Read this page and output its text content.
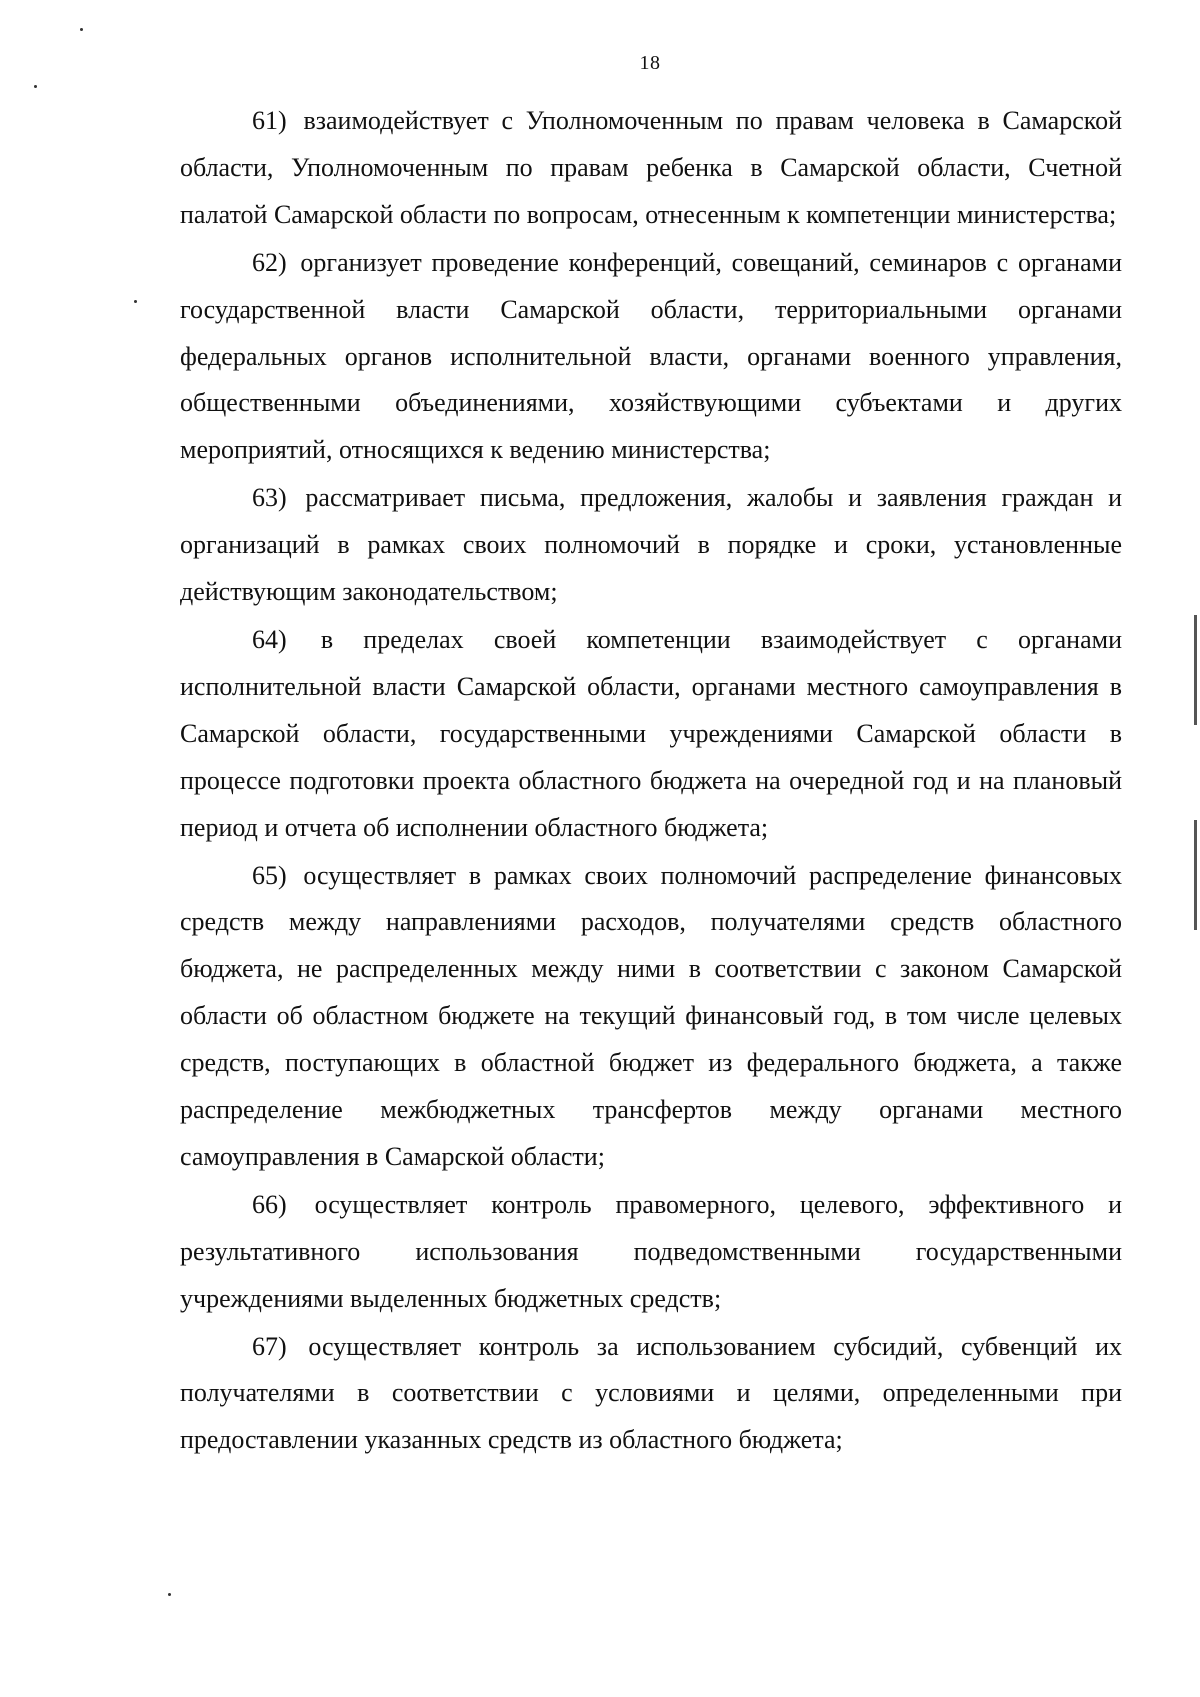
18

61) взаимодействует с Уполномоченным по правам человека в Самарской области, Уполномоченным по правам ребенка в Самарской области, Счетной палатой Самарской области по вопросам, отнесенным к компетенции министерства;

62) организует проведение конференций, совещаний, семинаров с органами государственной власти Самарской области, территориальными органами федеральных органов исполнительной власти, органами военного управления, общественными объединениями, хозяйствующими субъектами и других мероприятий, относящихся к ведению министерства;

63) рассматривает письма, предложения, жалобы и заявления граждан и организаций в рамках своих полномочий в порядке и сроки, установленные действующим законодательством;

64) в пределах своей компетенции взаимодействует с органами исполнительной власти Самарской области, органами местного самоуправления в Самарской области, государственными учреждениями Самарской области в процессе подготовки проекта областного бюджета на очередной год и на плановый период и отчета об исполнении областного бюджета;

65) осуществляет в рамках своих полномочий распределение финансовых средств между направлениями расходов, получателями средств областного бюджета, не распределенных между ними в соответствии с законом Самарской области об областном бюджете на текущий финансовый год, в том числе целевых средств, поступающих в областной бюджет из федерального бюджета, а также распределение межбюджетных трансфертов между органами местного самоуправления в Самарской области;

66) осуществляет контроль правомерного, целевого, эффективного и результативного использования подведомственными государственными учреждениями выделенных бюджетных средств;

67) осуществляет контроль за использованием субсидий, субвенций их получателями в соответствии с условиями и целями, определенными при предоставлении указанных средств из областного бюджета;
